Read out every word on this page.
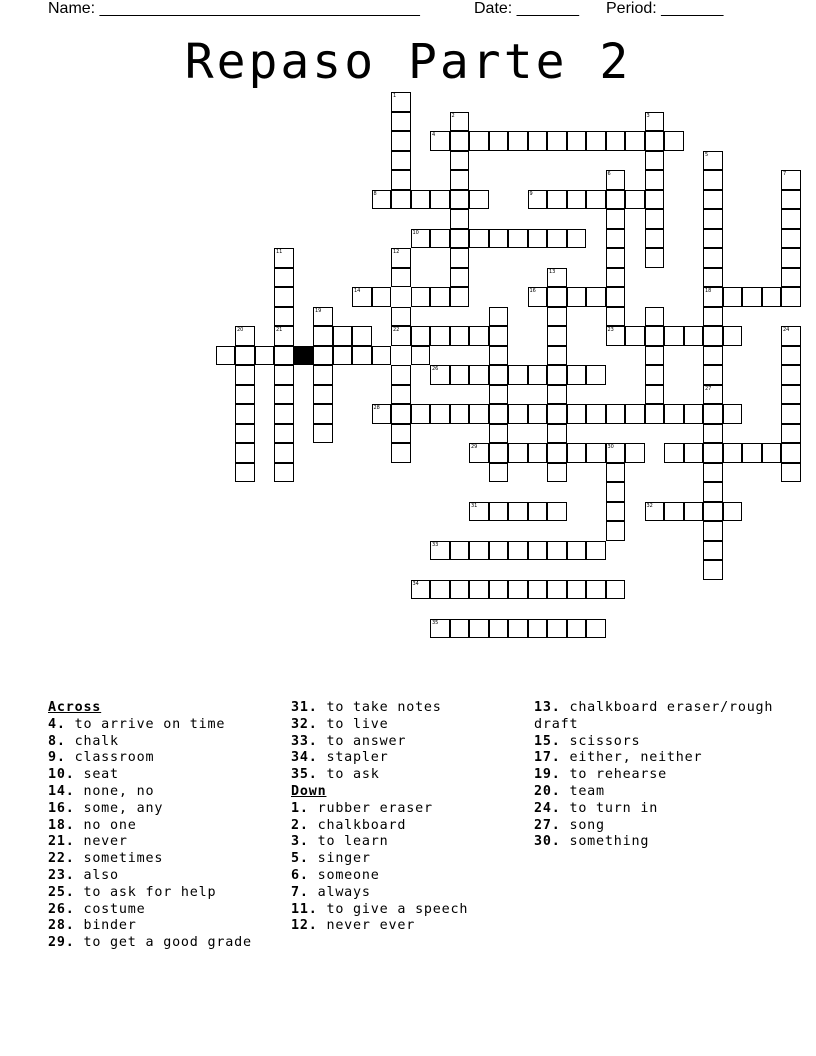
Name: ____________________________________	Date: _______ Period: _______
Repaso Parte 2
1
2	3
4
5
18
27
6	7
8	9
10
11
21
12
22
13
14	16
19
20	23	24
26
28
29	30
31	32
33
34
35
Across
4. to arrive on time
8. chalk
9. classroom
10. seat
14. none, no
16. some, any
18. no one
21. never
22. sometimes
23. also
25. to ask for help
26. costume
28. binder
29. to get a good grade
31. to take notes
32. to live
33. to answer
34. stapler
35. to ask
Down
1. rubber eraser
2. chalkboard
3. to learn
5. singer
6. someone
7. always
11. to give a speech
12. never ever
13. chalkboard eraser/rough draft
15. scissors
17. either, neither
19. to rehearse
20. team
24. to turn in
27. song
30. something
